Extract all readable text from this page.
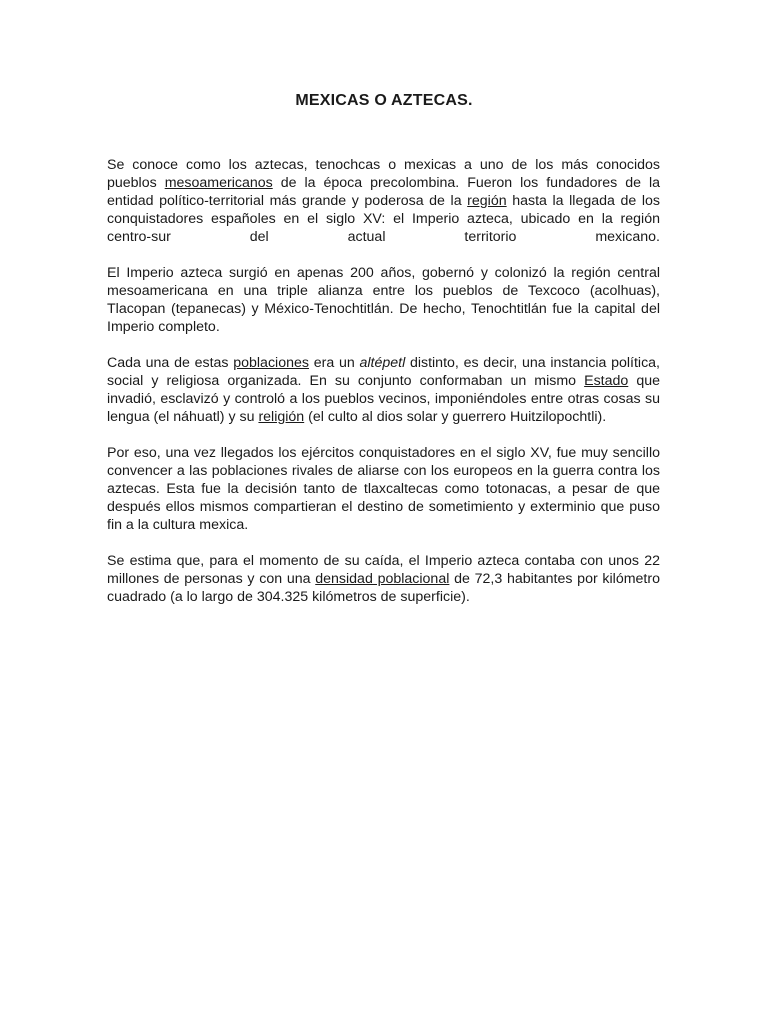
MEXICAS O AZTECAS.

Se conoce como los aztecas, tenochcas o mexicas a uno de los más conocidos pueblos mesoamericanos de la época precolombina. Fueron los fundadores de la entidad político-territorial más grande y poderosa de la región hasta la llegada de los conquistadores españoles en el siglo XV: el Imperio azteca, ubicado en la región centro-sur del actual territorio mexicano.

El Imperio azteca surgió en apenas 200 años, gobernó y colonizó la región central mesoamericana en una triple alianza entre los pueblos de Texcoco (acolhuas), Tlacopan (tepanecas) y México-Tenochtitlán. De hecho, Tenochtitlán fue la capital del Imperio completo.

Cada una de estas poblaciones era un altépetl distinto, es decir, una instancia política, social y religiosa organizada. En su conjunto conformaban un mismo Estado que invadió, esclavizó y controló a los pueblos vecinos, imponiéndoles entre otras cosas su lengua (el náhuatl) y su religión (el culto al dios solar y guerrero Huitzilopochtli).

Por eso, una vez llegados los ejércitos conquistadores en el siglo XV, fue muy sencillo convencer a las poblaciones rivales de aliarse con los europeos en la guerra contra los aztecas. Esta fue la decisión tanto de tlaxcaltecas como totonacas, a pesar de que después ellos mismos compartieran el destino de sometimiento y exterminio que puso fin a la cultura mexica.

Se estima que, para el momento de su caída, el Imperio azteca contaba con unos 22 millones de personas y con una densidad poblacional de 72,3 habitantes por kilómetro cuadrado (a lo largo de 304.325 kilómetros de superficie).
